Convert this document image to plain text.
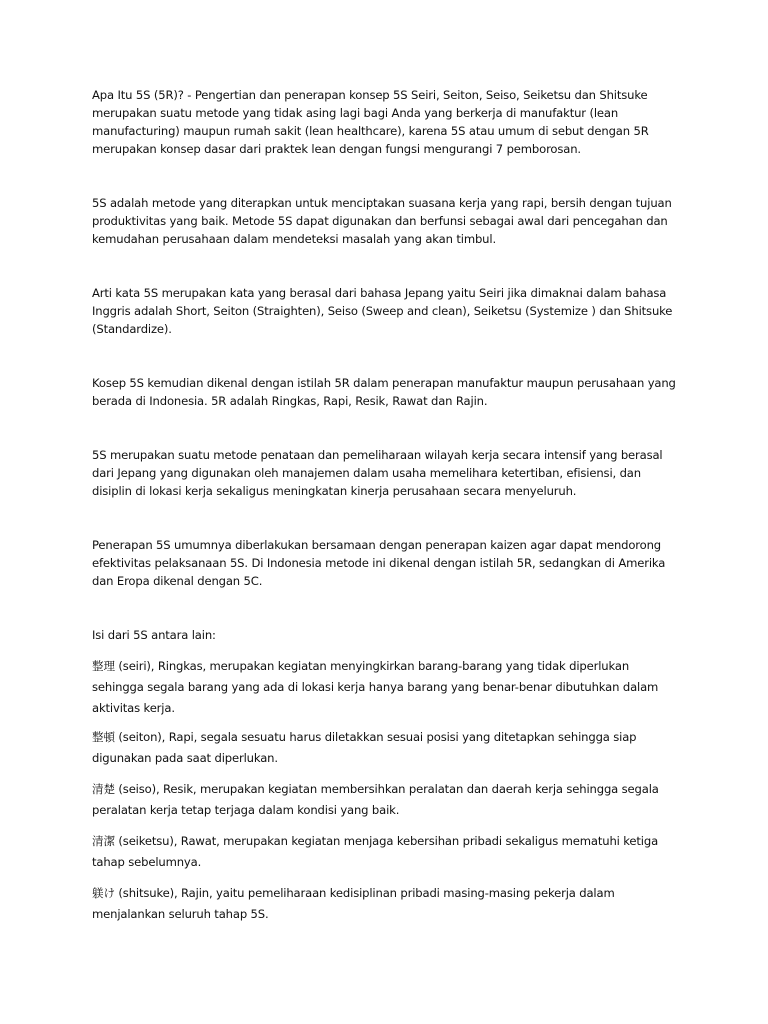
Apa Itu 5S (5R)? - Pengertian dan penerapan konsep 5S Seiri, Seiton, Seiso, Seiketsu dan Shitsuke merupakan suatu metode yang tidak asing lagi bagi Anda yang berkerja di manufaktur (lean manufacturing) maupun rumah sakit (lean healthcare), karena 5S atau umum di sebut dengan 5R merupakan konsep dasar dari praktek lean dengan fungsi mengurangi 7 pemborosan.

5S adalah metode yang diterapkan untuk menciptakan suasana kerja yang rapi, bersih dengan tujuan produktivitas yang baik. Metode 5S dapat digunakan dan berfunsi sebagai awal dari pencegahan dan kemudahan perusahaan dalam mendeteksi masalah yang akan timbul.

Arti kata 5S merupakan kata yang berasal dari bahasa Jepang yaitu Seiri jika dimaknai dalam bahasa Inggris adalah Short, Seiton (Straighten), Seiso (Sweep and clean), Seiketsu (Systemize ) dan Shitsuke (Standardize).

Kosep 5S kemudian dikenal dengan istilah 5R dalam penerapan manufaktur maupun perusahaan yang berada di Indonesia. 5R adalah Ringkas, Rapi, Resik, Rawat dan Rajin.

5S merupakan suatu metode penataan dan pemeliharaan wilayah kerja secara intensif yang berasal dari Jepang yang digunakan oleh manajemen dalam usaha memelihara ketertiban, efisiensi, dan disiplin di lokasi kerja sekaligus meningkatan kinerja perusahaan secara menyeluruh.

Penerapan 5S umumnya diberlakukan bersamaan dengan penerapan kaizen agar dapat mendorong efektivitas pelaksanaan 5S. Di Indonesia metode ini dikenal dengan istilah 5R, sedangkan di Amerika dan Eropa dikenal dengan 5C.

Isi dari 5S antara lain:

整理 (seiri), Ringkas, merupakan kegiatan menyingkirkan barang-barang yang tidak diperlukan sehingga segala barang yang ada di lokasi kerja hanya barang yang benar-benar dibutuhkan dalam aktivitas kerja.

整頓 (seiton), Rapi, segala sesuatu harus diletakkan sesuai posisi yang ditetapkan sehingga siap digunakan pada saat diperlukan.

清楚 (seiso), Resik, merupakan kegiatan membersihkan peralatan dan daerah kerja sehingga segala peralatan kerja tetap terjaga dalam kondisi yang baik.

清潔 (seiketsu), Rawat, merupakan kegiatan menjaga kebersihan pribadi sekaligus mematuhi ketiga tahap sebelumnya.

躾け (shitsuke), Rajin, yaitu pemeliharaan kedisiplinan pribadi masing-masing pekerja dalam menjalankan seluruh tahap 5S.
